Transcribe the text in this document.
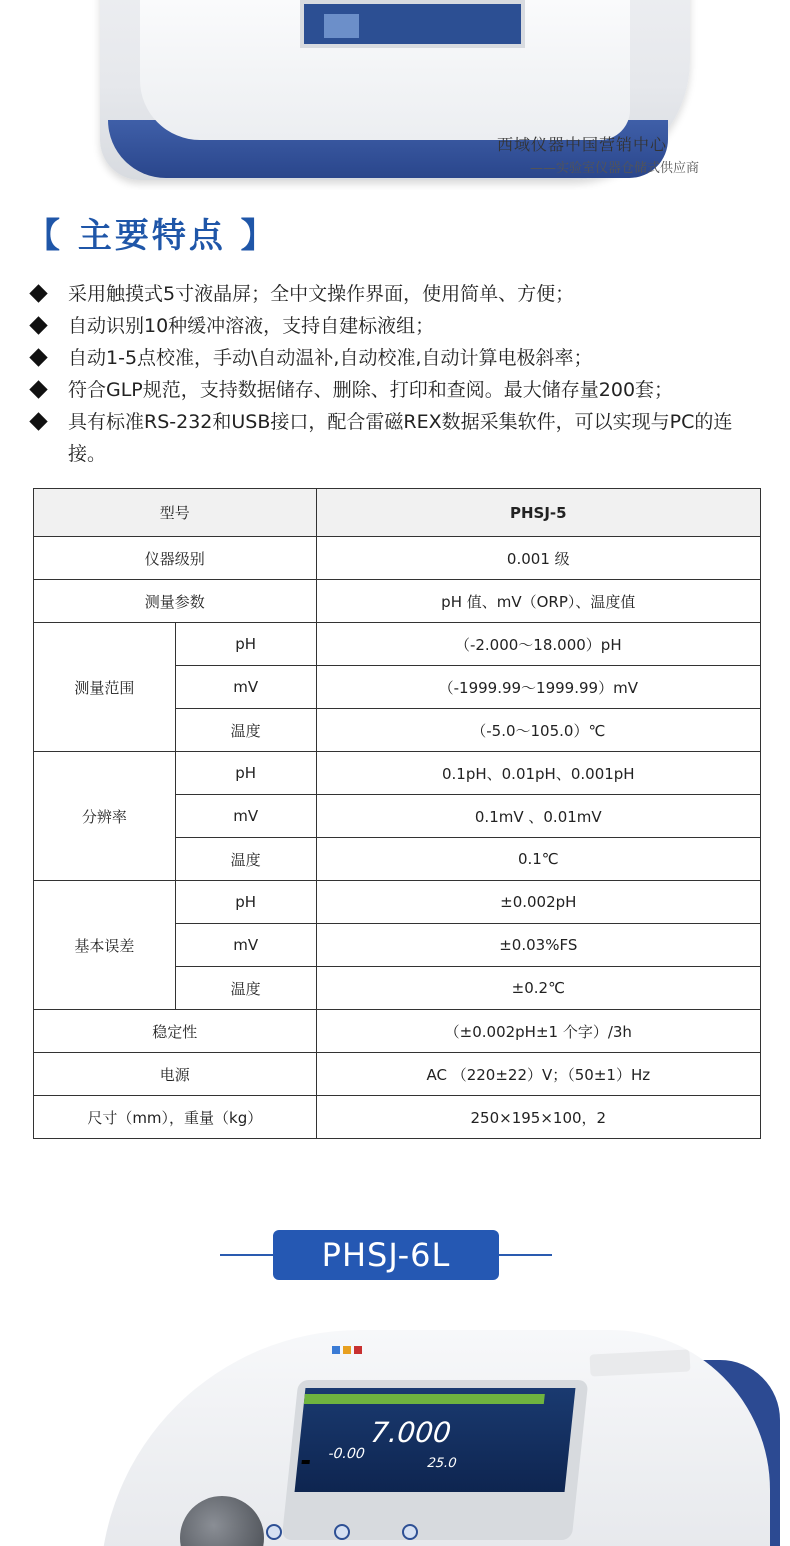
西域仪器中国营销中心
——实验室仪器仓储式供应商
【 主要特点 】
采用触摸式5寸液晶屏；全中文操作界面，使用简单、方便；
自动识别10种缓冲溶液，支持自建标液组；
自动1-5点校准，手动\自动温补,自动校准,自动计算电极斜率；
符合GLP规范，支持数据储存、删除、打印和查阅。最大储存量200套；
具有标准RS-232和USB接口，配合雷磁REX数据采集软件，可以实现与PC的连接。
型号		PHSJ-5
仪器级别		0.001 级
测量参数		pH 值、mV（ORP）、温度值
测量范围	pH	（-2.000～18.000）pH
	mV	（-1999.99～1999.99）mV
	温度	（-5.0～105.0）℃
分辨率	pH	0.1pH、0.01pH、0.001pH
	mV	0.1mV 、0.01mV
	温度	0.1℃
基本误差	pH	±0.002pH
	mV	±0.03%FS
	温度	±0.2℃
稳定性		（±0.002pH±1 个字）/3h
电源		AC （220±22）V；（50±1）Hz
尺寸（mm），重量（kg）		250×195×100，2
PHSJ-6L
7.000
-0.00
25.0
